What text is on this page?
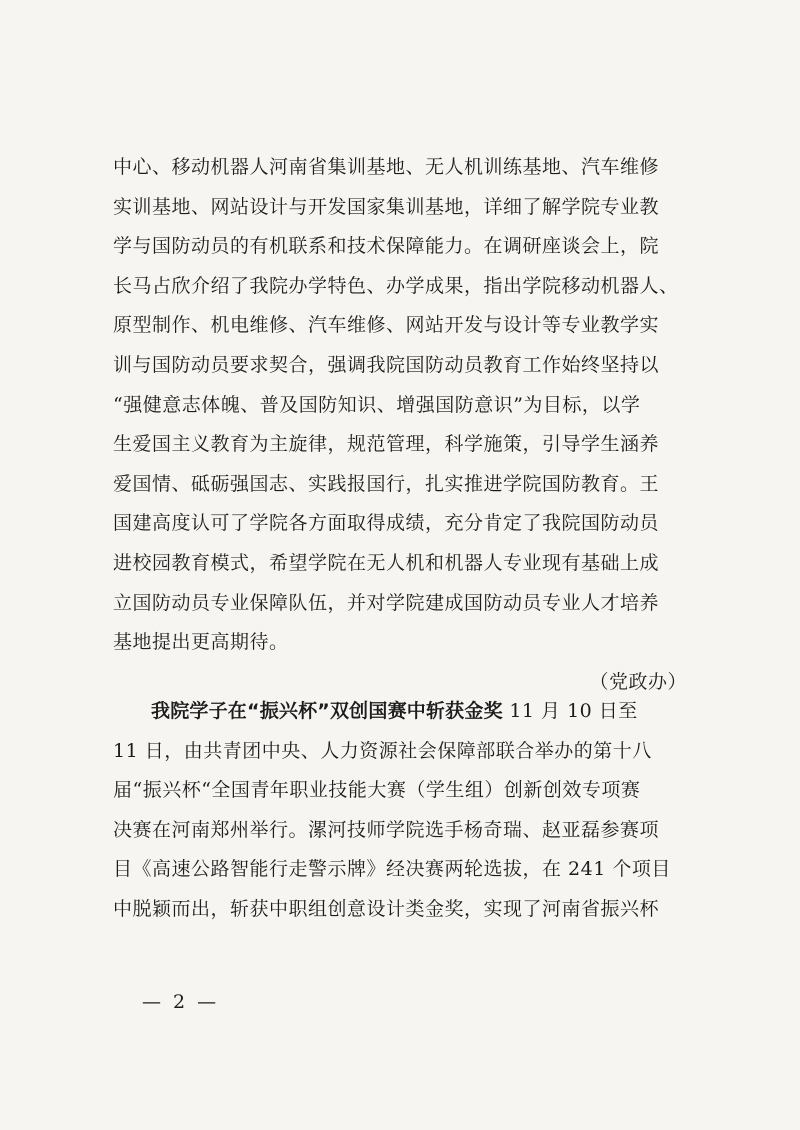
中心、移动机器人河南省集训基地、无人机训练基地、汽车维修
实训基地、网站设计与开发国家集训基地，详细了解学院专业教
学与国防动员的有机联系和技术保障能力。在调研座谈会上，院
长马占欣介绍了我院办学特色、办学成果，指出学院移动机器人、
原型制作、机电维修、汽车维修、网站开发与设计等专业教学实
训与国防动员要求契合，强调我院国防动员教育工作始终坚持以
“强健意志体魄、普及国防知识、增强国防意识”为目标，以学
生爱国主义教育为主旋律，规范管理，科学施策，引导学生涵养
爱国情、砥砺强国志、实践报国行，扎实推进学院国防教育。王
国建高度认可了学院各方面取得成绩，充分肯定了我院国防动员
进校园教育模式，希望学院在无人机和机器人专业现有基础上成
立国防动员专业保障队伍，并对学院建成国防动员专业人才培养
基地提出更高期待。
（党政办）

我院学子在“振兴杯”双创国赛中斩获金奖 11 月 10 日至
11 日，由共青团中央、人力资源社会保障部联合举办的第十八
届“振兴杯“全国青年职业技能大赛（学生组）创新创效专项赛
决赛在河南郑州举行。漯河技师学院选手杨奇瑞、赵亚磊参赛项
目《高速公路智能行走警示牌》经决赛两轮选拔，在 241 个项目
中脱颖而出，斩获中职组创意设计类金奖，实现了河南省振兴杯

— 2 —
